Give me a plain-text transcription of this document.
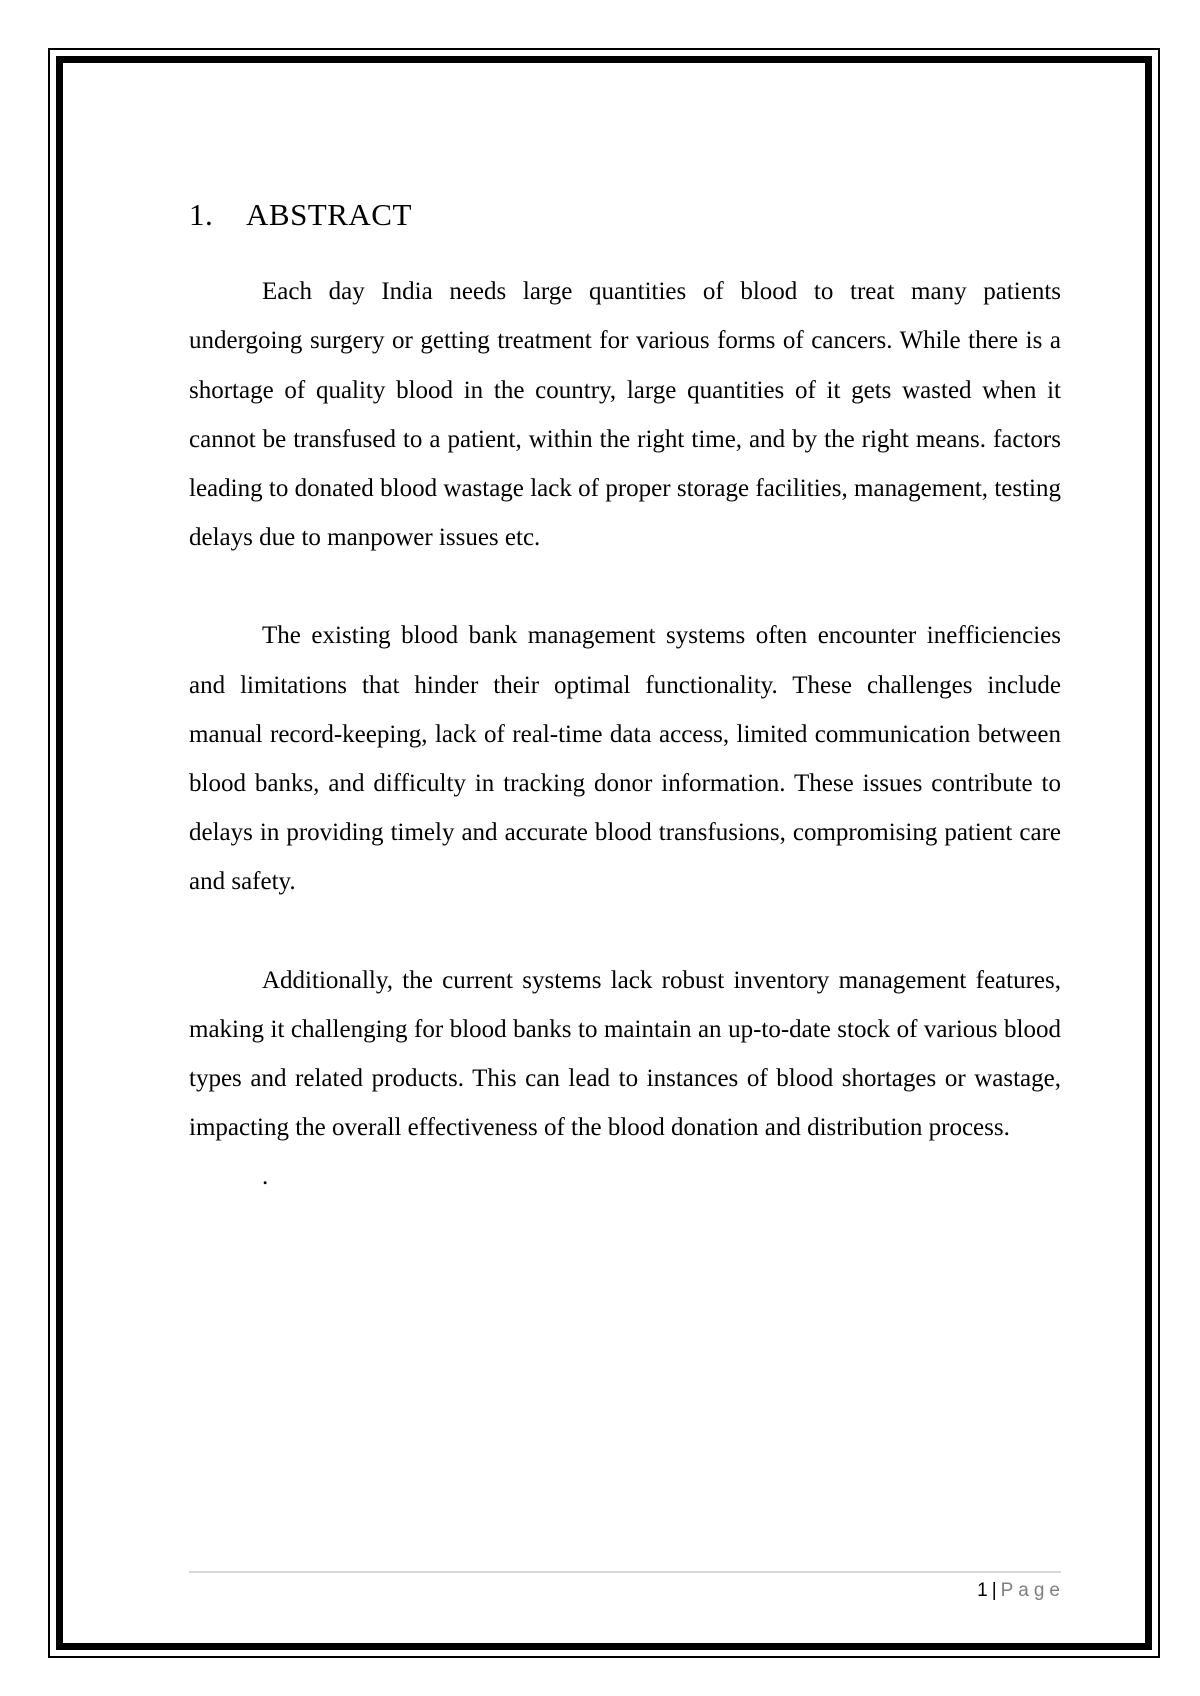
1. ABSTRACT

Each day India needs large quantities of blood to treat many patients undergoing surgery or getting treatment for various forms of cancers. While there is a shortage of quality blood in the country, large quantities of it gets wasted when it cannot be transfused to a patient, within the right time, and by the right means. factors leading to donated blood wastage lack of proper storage facilities, management, testing delays due to manpower issues etc.

The existing blood bank management systems often encounter inefficiencies and limitations that hinder their optimal functionality. These challenges include manual record-keeping, lack of real-time data access, limited communication between blood banks, and difficulty in tracking donor information. These issues contribute to delays in providing timely and accurate blood transfusions, compromising patient care and safety.

Additionally, the current systems lack robust inventory management features, making it challenging for blood banks to maintain an up-to-date stock of various blood types and related products. This can lead to instances of blood shortages or wastage, impacting the overall effectiveness of the blood donation and distribution process.

.
1 | Page
